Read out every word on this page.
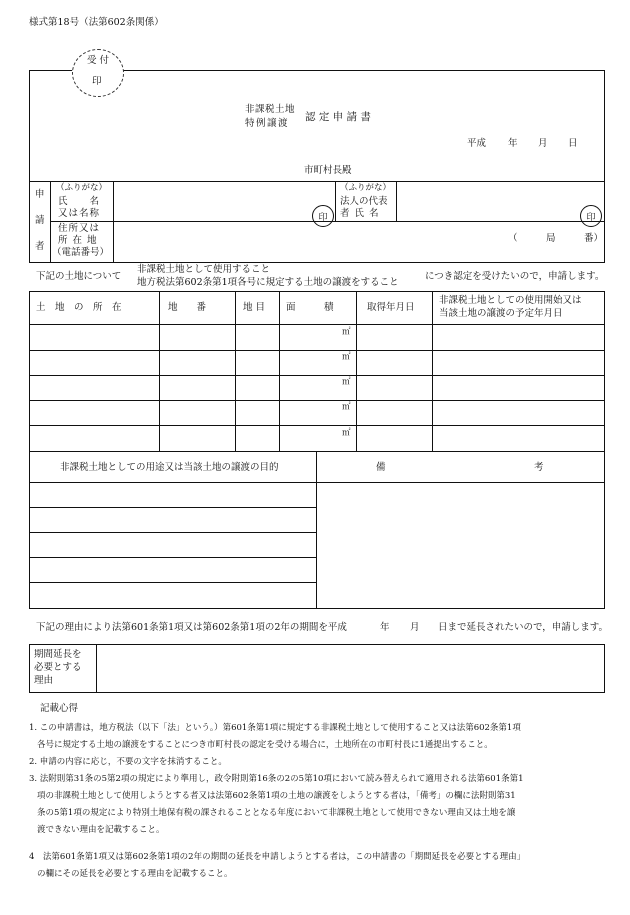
様式第18号（法第602条関係）
非課税土地
特例譲渡
認 定 申 請 書
平成 年 月 日
市町村長殿
申
請
者
（ふりがな）
氏　　名
又は名称	印
（ふりがな）
法人の代表
者 氏 名	印
住所又は
所 在 地
（電話番号）
（　　　局　　　番）
受 付
印
下記の土地について
非課税土地として使用すること
地方税法第602条第1項各号に規定する土地の譲渡をすること
につき認定を受けたいので，申請します。
土　地　の　所　在	地　　番	地 目 面　　　積	取得年月日
非課税土地としての使用開始又は
当該土地の譲渡の予定年月日
㎡
㎡
㎡
㎡
㎡
非課税土地としての用途又は当該土地の譲渡の目的	備	考
下記の理由により法第601条第1項又は第602条第1項の2年の期間を平成	年 月 日まで延長されたいので，申請します。
期間延長を
必要とする
理由
記載心得
1. この申請書は，地方税法（以下「法」という。）第601条第1項に規定する非課税土地として使用すること又は法第602条第1項
各号に規定する土地の譲渡をすることにつき市町村長の認定を受ける場合に，土地所在の市町村長に1通提出すること。
2. 申請の内容に応じ，不要の文字を抹消すること。
3. 法附則第31条の5第2項の規定により準用し，政令附則第16条の2の5第10項において読み替えられて適用される法第601条第1
項の非課税土地として使用しようとする者又は法第602条第1項の土地の譲渡をしようとする者は，「備考」の欄に法附則第31
条の5第1項の規定により特別土地保有税の課されることとなる年度において非課税土地として使用できない理由又は土地を譲
渡できない理由を記載すること。
4　法第601条第1項又は第602条第1項の2年の期間の延長を申請しようとする者は，この申請書の「期間延長を必要とする理由」
の欄にその延長を必要とする理由を記載すること。
